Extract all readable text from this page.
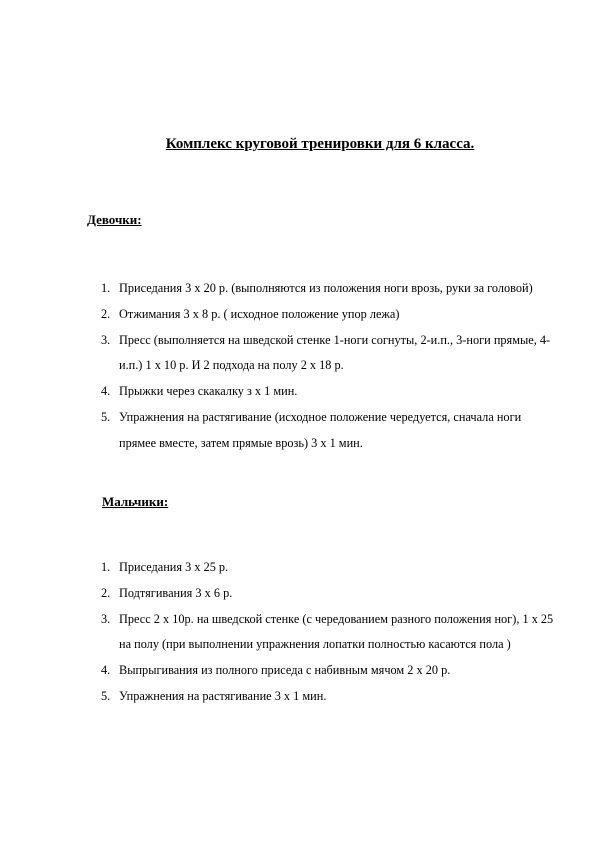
Комплекс круговой тренировки для 6 класса.
Девочки:
1. Приседания 3 х 20 р. (выполняются из положения ноги врозь, руки за головой)
2. Отжимания 3 х 8 р. ( исходное положение упор лежа)
3. Пресс (выполняется на шведской стенке 1-ноги согнуты, 2-и.п., 3-ноги прямые, 4-и.п.) 1 х 10 р. И 2 подхода на полу 2 х 18 р.
4. Прыжки через скакалку з х 1 мин.
5. Упражнения на растягивание (исходное положение чередуется, сначала ноги прямее вместе, затем прямые врозь) 3 х 1 мин.
Мальчики:
1. Приседания 3 х 25 р.
2. Подтягивания 3 х 6 р.
3. Пресс 2 х 10р. на шведской стенке (с чередованием разного положения ног), 1 х 25 на полу (при выполнении упражнения лопатки полностью касаются пола )
4. Выпрыгивания из полного приседа с набивным мячом 2 х 20 р.
5. Упражнения на растягивание 3 х 1 мин.
